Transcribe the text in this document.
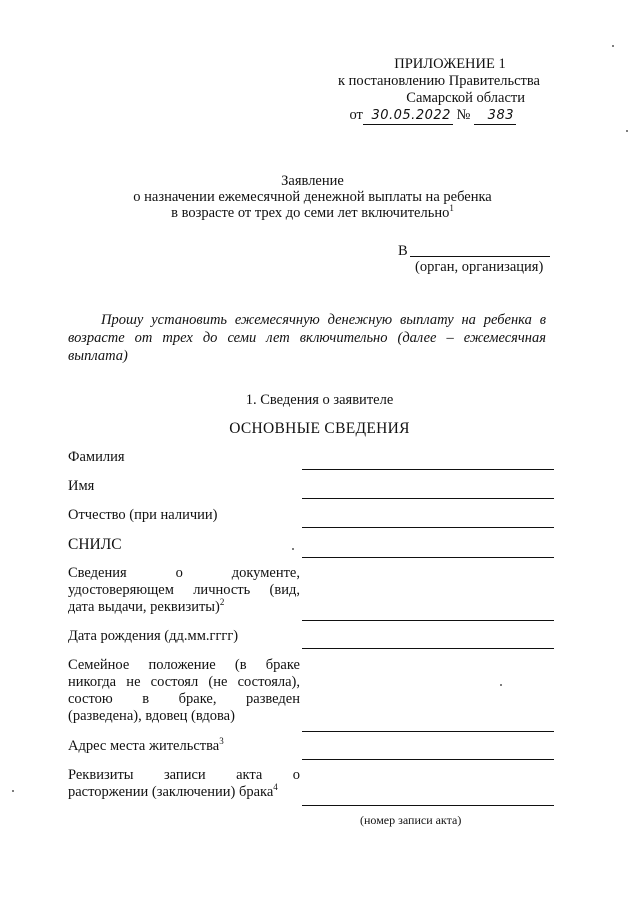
ПРИЛОЖЕНИЕ 1
к постановлению Правительства
Самарской области
от 30.05.2022 № 383
Заявление
о назначении ежемесячной денежной выплаты на ребенка
в возрасте от трех до семи лет включительно$^1$
В
(орган, организация)
Прошу установить ежемесячную денежную выплату на ребенка в возрасте от трех до семи лет включительно (далее – ежемесячная выплата)
1. Сведения о заявителе
ОСНОВНЫЕ СВЕДЕНИЯ
Фамилия
Имя
Отчество (при наличии)
СНИЛС
Сведения о документе,
удостоверяющем личность (вид,
дата выдачи, реквизиты)$^2$
Дата рождения (дд.мм.гггг)
Семейное положение (в браке
никогда не состоял (не состояла),
состою в браке, разведен
(разведена), вдовец (вдова)
Адрес места жительства$^3$
Реквизиты записи акта о
расторжении (заключении) брака$^4$
(номер записи акта)
